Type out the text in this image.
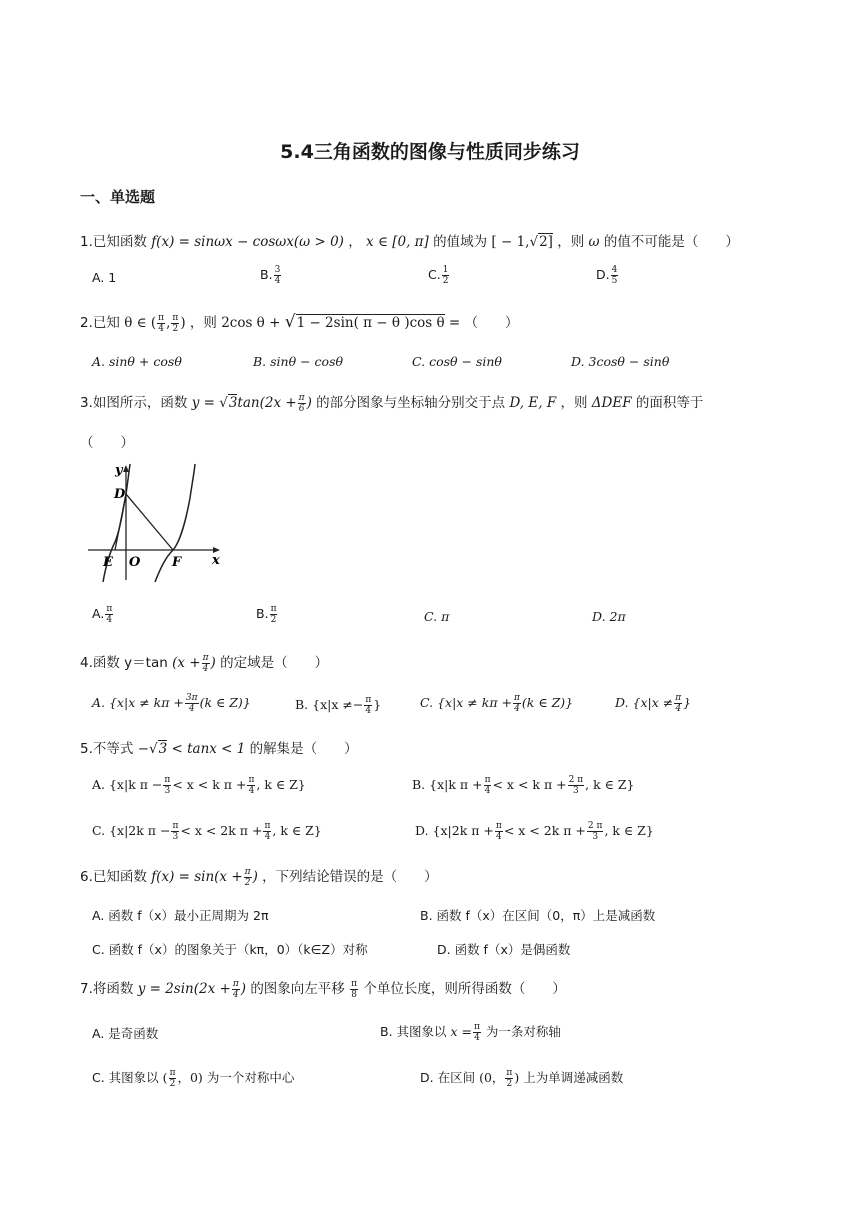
5.4三角函数的图像与性质同步练习
一、单选题
1.已知函数 f(x) = sinωx − cosωx(ω > 0) ， x ∈ [0, π] 的值域为 [ − 1,√2] ，则 ω 的值不可能是（　　）
A. 1	B. $\frac{3}{4}$	C. $\frac{1}{2}$	D. $\frac{4}{5}$
2.已知 θ ∈ ( $\frac{\pi}{4}$ , $\frac{\pi}{2}$ ) ，则 2cos θ + √1 − 2sin( π − θ )cos θ = （　　）
A. sinθ + cosθ	B. sinθ − cosθ	C. cosθ − sinθ	D. 3cosθ − sinθ
3.如图所示，函数 $y = √3\tan(2x + \frac{\pi}{6}$ ) 的部分图象与坐标轴分别交于点 D, E, F ，则 ΔDEF 的面积等于
（　　）
y
x
D
E O F
A. $\frac{\pi}{4}$	B. $\frac{\pi}{2}$	C. π	D. 2π
4.函数 y＝tan ($x + \frac{\pi}{4}$ ) 的定域是（　　）
A. {$x|x \ne k\pi + \frac{3\pi}{4} (k$ ∈ Z)}	B. {$x|x \ne- \frac{\pi}{4}$ }	C. {$x|x \ne k\pi + \frac{\pi}{4} (k$ ∈ Z)}	D. {$x|x \ne \frac{\pi}{4}$ }
5.不等式 −√3 < tanx < 1 的解集是（　　）
A. {x|k $\pi - \frac{\pi}{3} < x < k$ $\pi + \frac{\pi}{4}$ , k ∈ Z}	B. {x|k $\pi + \frac{\pi}{4} < x < k$ $\pi + \frac{2 \pi}{3}$ , k ∈ Z}
C. {x|2k $\pi - \frac{\pi}{3} < x < 2k$ $\pi + \frac{\pi}{4}$ , k ∈ Z}	D. {x|2k $\pi + \frac{\pi}{4} < x < 2k$ $\pi + \frac{2 \pi}{3}$ , k ∈ Z}
6.已知函数 $f(x) = \sin(x + \frac{\pi}{2}$ ) ，下列结论错误的是（　　）
A. 函数 f（x）最小正周期为 2π	B. 函数 f（x）在区间（0，π）上是减函数
C. 函数 f（x）的图象关于（kπ，0）（k∈Z）对称	D. 函数 f（x）是偶函数
7.将函数 $y = 2\sin(2x + \frac{\pi}{4}$ ) 的图象向左平移 $\frac{\pi}{8}$ 个单位长度，则所得函数（　　）
A. 是奇函数	B. 其图象以 $x = \frac{\pi}{4}$ 为一条对称轴
C. 其图象以 ( $\frac{\pi}{2}$ ，0) 为一个对称中心	D. 在区间 (0， $\frac{\pi}{2}$ ) 上为单调递减函数
